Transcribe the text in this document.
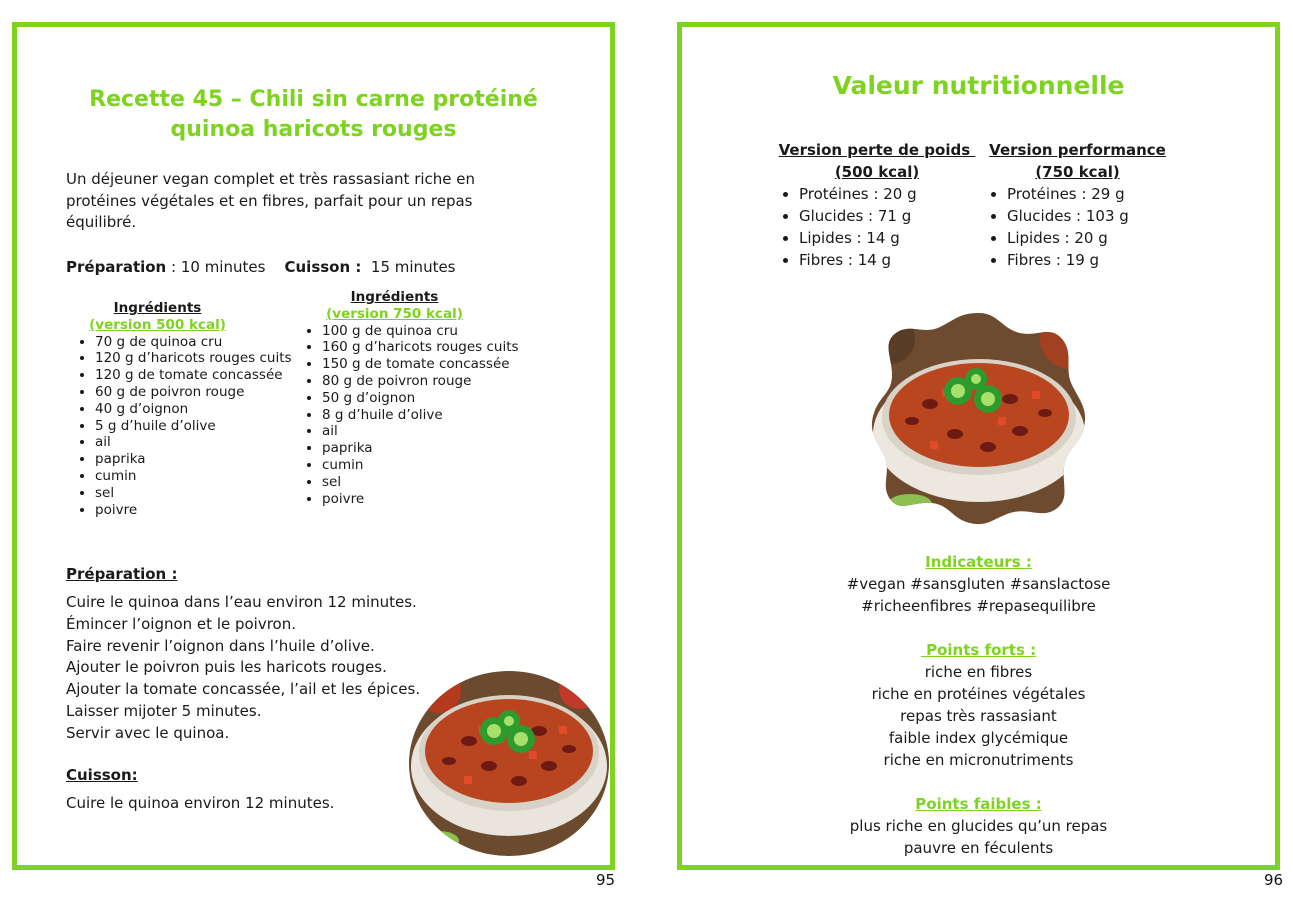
Recette 45 – Chili sin carne protéiné
quinoa haricots rouges
Un déjeuner vegan complet et très rassasiant riche en protéines végétales et en fibres, parfait pour un repas équilibré.
Préparation : 10 minutes Cuisson :  15 minutes
Ingrédients
(version 500 kcal)
• 70 g de quinoa cru
• 120 g d’haricots rouges cuits
• 120 g de tomate concassée
• 60 g de poivron rouge
• 40 g d’oignon
• 5 g d’huile d’olive
• ail
• paprika
• cumin
• sel
• poivre
Ingrédients
(version 750 kcal)
• 100 g de quinoa cru
• 160 g d’haricots rouges cuits
• 150 g de tomate concassée
• 80 g de poivron rouge
• 50 g d’oignon
• 8 g d’huile d’olive
• ail
• paprika
• cumin
• sel
• poivre
Préparation :
Cuire le quinoa dans l’eau environ 12 minutes.
Émincer l’oignon et le poivron.
Faire revenir l’oignon dans l’huile d’olive.
Ajouter le poivron puis les haricots rouges.
Ajouter la tomate concassée, l’ail et les épices.
Laisser mijoter 5 minutes.
Servir avec le quinoa.
Cuisson:
Cuire le quinoa environ 12 minutes.
95
Valeur nutritionnelle
Version perte de poids
(500 kcal)
• Protéines : 20 g
• Glucides : 71 g
• Lipides : 14 g
• Fibres : 14 g
Version performance
(750 kcal)
• Protéines : 29 g
• Glucides : 103 g
• Lipides : 20 g
• Fibres : 19 g
Indicateurs :
#vegan #sansgluten #sanslactose
#richeenfibres #repasequilibre
Points forts :
riche en fibres
riche en protéines végétales
repas très rassasiant
faible index glycémique
riche en micronutriments
Points faibles :
plus riche en glucides qu’un repas
pauvre en féculents
96
